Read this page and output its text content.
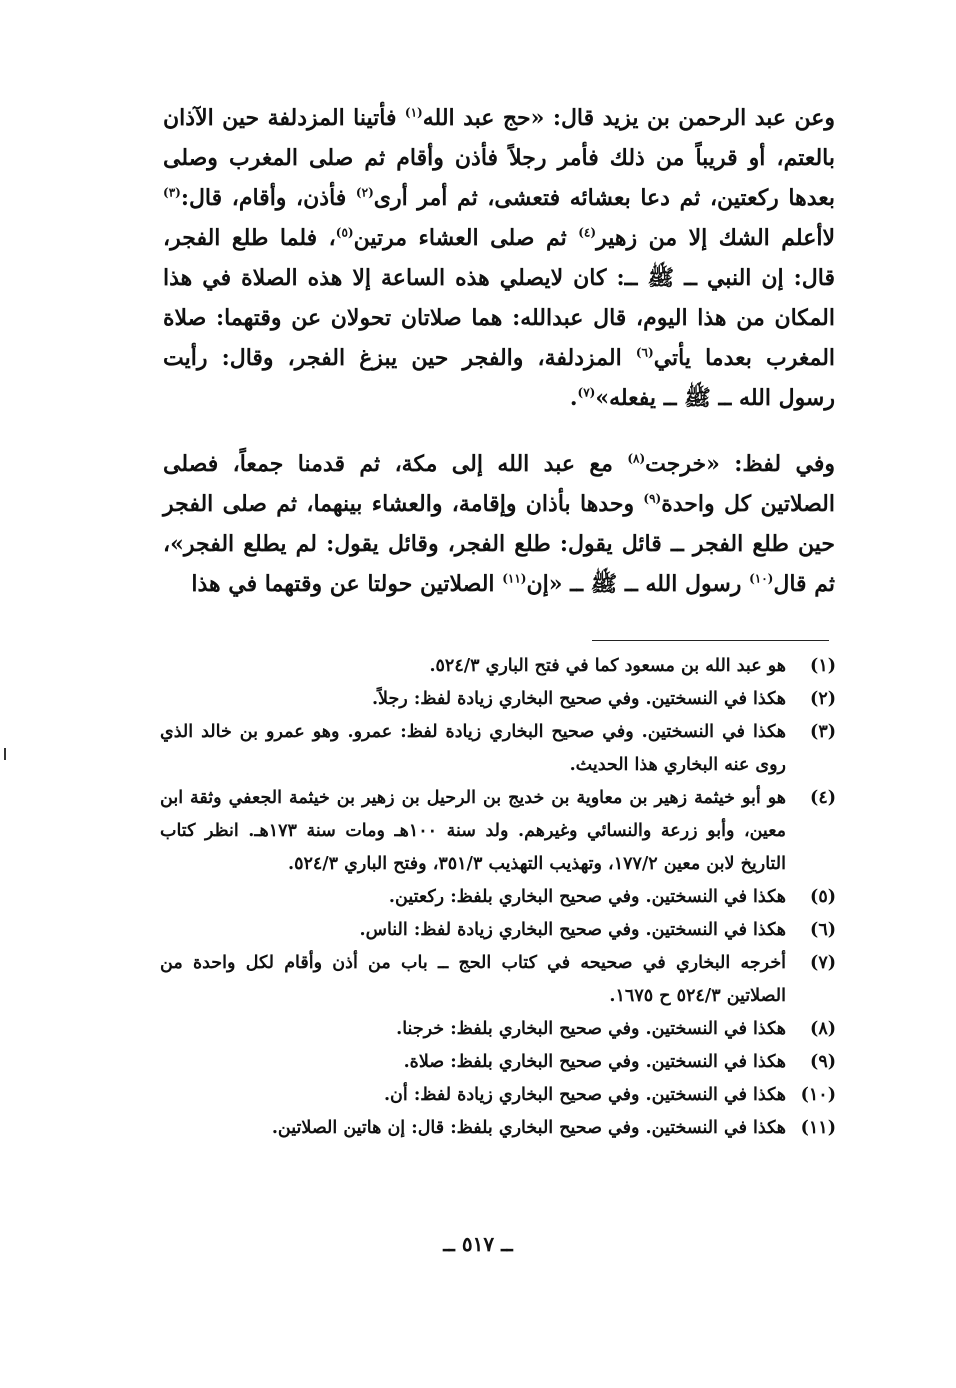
وعن عبد الرحمن بن يزيد قال: «حج عبد الله$^{(١)}$ فأتينا المزدلفة حين الآذان بالعتم، أو قريباً من ذلك فأمر رجلاً فأذن وأقام ثم صلى المغرب وصلى بعدها ركعتين، ثم دعا بعشائه فتعشى، ثم أمر أرى$^{(٢)}$ فأذن، وأقام، قال:$^{(٣)}$ لاأعلم الشك إلا من زهير$^{(٤)}$ ثم صلى العشاء مرتين$^{(٥)}$، فلما طلع الفجر، قال: إن النبي ــ ﷺ ــ: كان لايصلي هذه الساعة إلا هذه الصلاة في هذا المكان من هذا اليوم، قال عبدالله: هما صلاتان تحولان عن وقتهما: صلاة المغرب بعدما يأتي$^{(٦)}$ المزدلفة، والفجر حين يبزغ الفجر، وقال: رأيت رسول الله ــ ﷺ ــ يفعله»$^{(٧)}$.
وفي لفظ: «خرجت$^{(٨)}$ مع عبد الله إلى مكة، ثم قدمنا جمعاً، فصلى الصلاتين كل واحدة$^{(٩)}$ وحدها بأذان وإقامة، والعشاء بينهما، ثم صلى الفجر حين طلع الفجر ــ قائل يقول: طلع الفجر، وقائل يقول: لم يطلع الفجر»، ثم قال$^{(١٠)}$ رسول الله ــ ﷺ ــ «إن$^{(١١)}$ الصلاتين حولتا عن وقتهما في هذا
(١)
هو عبد الله بن مسعود كما في فتح الباري ٥٢٤/٣.
(٢)
هكذا في النسختين. وفي صحيح البخاري زيادة لفظ: رجلاً.
(٣)
هكذا في النسختين. وفي صحيح البخاري زيادة لفظ: عمرو. وهو عمرو بن خالد الذي روى عنه البخاري هذا الحديث.
(٤)
هو أبو خيثمة زهير بن معاوية بن خديج بن الرحيل بن زهير بن خيثمة الجعفي وثقة ابن معين، وأبو زرعة والنسائي وغيرهم. ولد سنة ١٠٠هـ ومات سنة ١٧٣هـ. انظر كتاب التاريخ لابن معين ١٧٧/٢، وتهذيب التهذيب ٣٥١/٣، وفتح الباري ٥٢٤/٣.
(٥)
هكذا في النسختين. وفي صحيح البخاري بلفظ: ركعتين.
(٦)
هكذا في النسختين. وفي صحيح البخاري زيادة لفظ: الناس.
(٧)
أخرجه البخاري في صحيحه في كتاب الحج ــ باب من أذن وأقام لكل واحدة من الصلاتين ٥٢٤/٣ ح ١٦٧٥.
(٨)
هكذا في النسختين. وفي صحيح البخاري بلفظ: خرجنا.
(٩)
هكذا في النسختين. وفي صحيح البخاري بلفظ: صلاة.
(١٠)
هكذا في النسختين. وفي صحيح البخاري زيادة لفظ: أن.
(١١)
هكذا في النسختين. وفي صحيح البخاري بلفظ: قال: إن هاتين الصلاتين.
ــ ٥١٧ ــ
